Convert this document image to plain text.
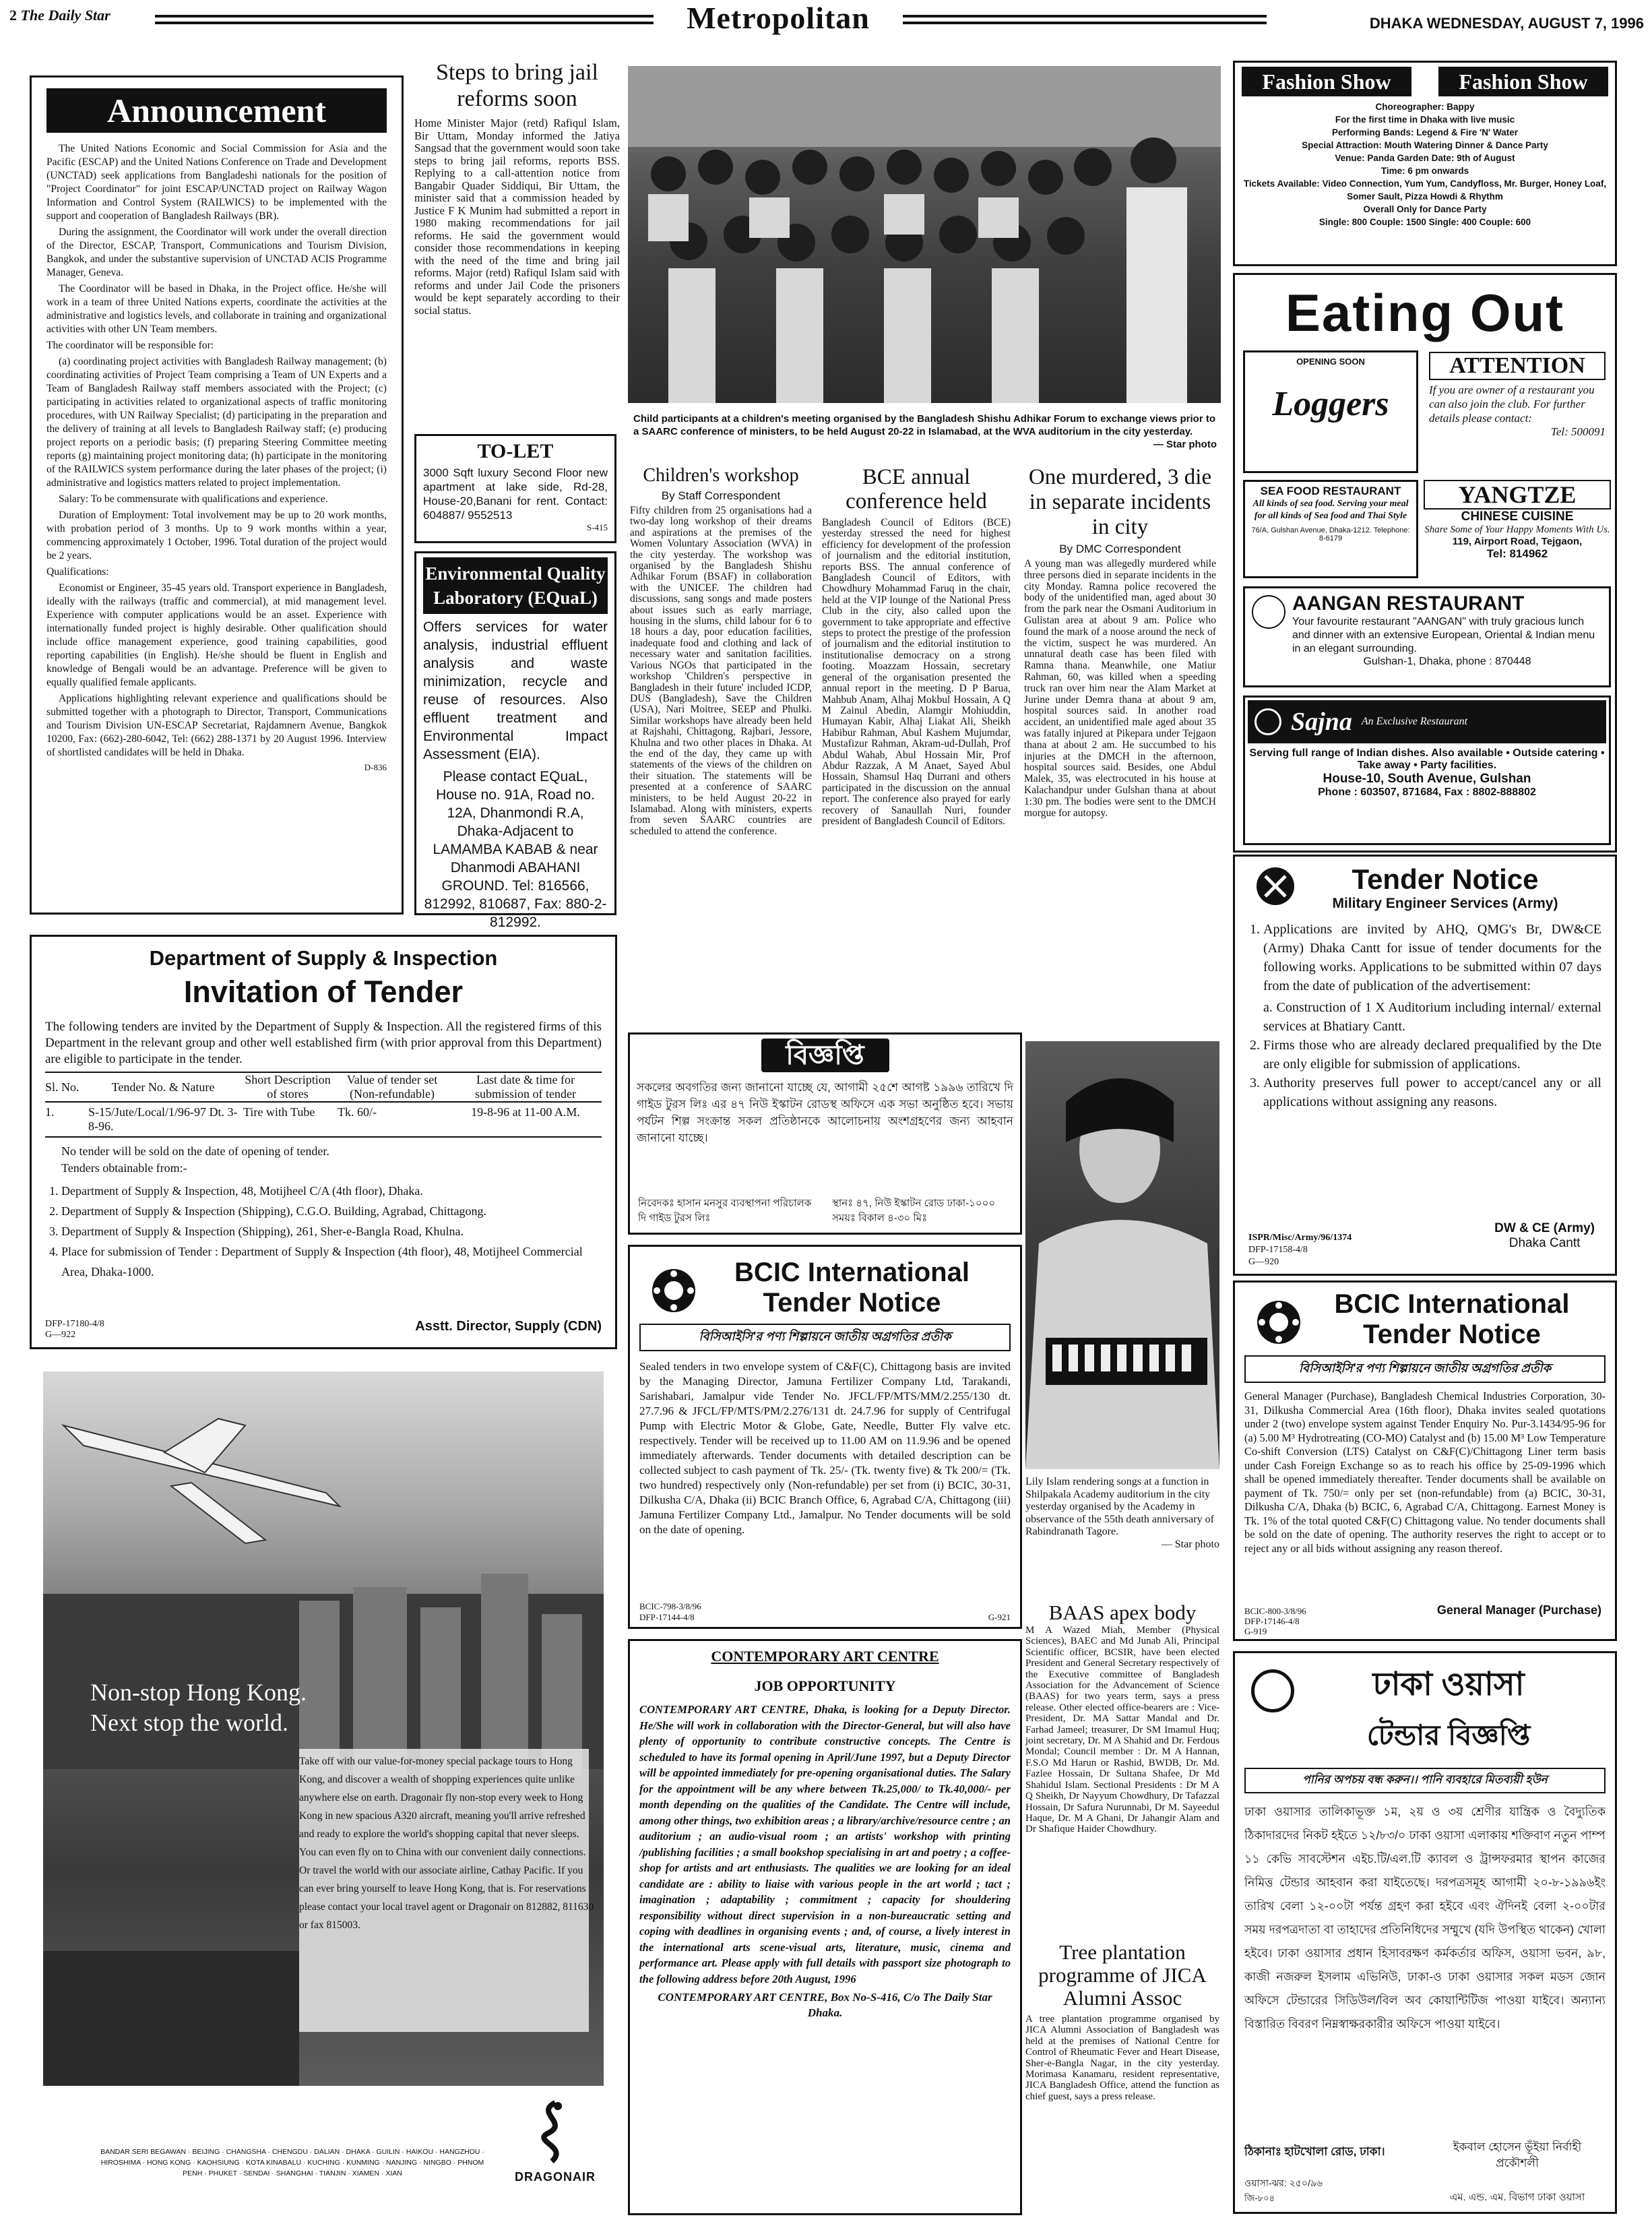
2 The Daily Star	Metropolitan	DHAKA WEDNESDAY, AUGUST 7, 1996
Announcement

The United Nations Economic and Social Commission for Asia and the Pacific (ESCAP) and the United Nations Conference on Trade and Development (UNCTAD) seek applications from Bangladeshi nationals for the position of "Project Coordinator" for joint ESCAP/UNCTAD project on Railway Wagon Information and Control System (RAILWICS) to be implemented with the support and cooperation of Bangladesh Railways (BR).

During the assignment, the Coordinator will work under the overall direction of the Director, ESCAP, Transport, Communications and Tourism Division, Bangkok, and under the substantive supervision of UNCTAD ACIS Programme Manager, Geneva.

The Coordinator will be based in Dhaka, in the Project office. He/she will work in a team of three United Nations experts, coordinate the activities at the administrative and logistics levels, and collaborate in training and organizational activities with other UN Team members.

The coordinator will be responsible for:

(a) coordinating project activities with Bangladesh Railway management; (b) coordinating activities of Project Team comprising a Team of UN Experts and a Team of Bangladesh Railway staff members associated with the Project; (c) participating in activities related to organizational aspects of traffic monitoring procedures, with UN Railway Specialist; (d) participating in the preparation and the delivery of training at all levels to Bangladesh Railway staff; (e) producing project reports on a periodic basis; (f) preparing Steering Committee meeting reports (g) maintaining project monitoring data; (h) participate in the monitoring of the RAILWICS system performance during the later phases of the project; (i) administrative and logistics matters related to project implementation.

Salary: To be commensurate with qualifications and experience.

Duration of Employment: Total involvement may be up to 20 work months, with probation period of 3 months. Up to 9 work months within a year, commencing approximately 1 October, 1996. Total duration of the project would be 2 years.

Qualifications:

Economist or Engineer, 35-45 years old. Transport experience in Bangladesh, ideally with the railways (traffic and commercial), at mid management level. Experience with computer applications would be an asset. Experience with internationally funded project is highly desirable. Other qualification should include office management experience, good training capabilities, good reporting capabilities (in English). He/she should be fluent in English and knowledge of Bengali would be an advantage. Preference will be given to equally qualified female applicants.

Applications highlighting relevant experience and qualifications should be submitted together with a photograph to Director, Transport, Communications and Tourism Division UN-ESCAP Secretariat, Rajdamnern Avenue, Bangkok 10200, Fax: (662)-280-6042, Tel: (662) 288-1371 by 20 August 1996. Interview of shortlisted candidates will be held in Dhaka.

D-836
Steps to bring jail reforms soon
Home Minister Major (retd) Rafiqul Islam, Bir Uttam, Monday informed the Jatiya Sangsad that the government would soon take steps to bring jail reforms, reports BSS. Replying to a call-attention notice from Bangabir Quader Siddiqui, Bir Uttam, the minister said that a commission headed by Justice F K Munim had submitted a report in 1980 making recommendations for jail reforms. He said the government would consider those recommendations in keeping with the need of the time and bring jail reforms. Major (retd) Rafiqul Islam said with reforms and under Jail Code the prisoners would be kept separately according to their social status.
TO-LET
3000 Sqft luxury Second Floor new apartment at lake side, Rd-28, House-20,Banani for rent. Contact: 604887/ 9552513
S-415
Environmental Quality Laboratory (EQuaL)
Offers services for water analysis, industrial effluent analysis and waste minimization, recycle and reuse of resources. Also effluent treatment and Environmental Impact Assessment (EIA).
Please contact EQuaL, House no. 91A, Road no. 12A, Dhanmondi R.A, Dhaka-Adjacent to LAMAMBA KABAB & near Dhanmodi ABAHANI GROUND. Tel: 816566, 812992, 810687, Fax: 880-2-812992.
Child participants at a children's meeting organised by the Bangladesh Shishu Adhikar Forum to exchange views prior to a SAARC conference of ministers, to be held August 20-22 in Islamabad, at the WVA auditorium in the city yesterday.
— Star photo
Children's workshop
By Staff Correspondent
Fifty children from 25 organisations had a two-day long workshop of their dreams and aspirations at the premises of the Women Voluntary Association (WVA) in the city yesterday. The workshop was organised by the Bangladesh Shishu Adhikar Forum (BSAF) in collaboration with the UNICEF. The children had discussions, sang songs and made posters about issues such as early marriage, housing in the slums, child labour for 6 to 18 hours a day, poor education facilities, inadequate food and clothing and lack of necessary water and sanitation facilities. Various NGOs that participated in the workshop 'Children's perspective in Bangladesh in their future' included ICDP, DUS (Bangladesh), Save the Children (USA), Nari Moitree, SEEP and Phulki. Similar workshops have already been held at Rajshahi, Chittagong, Rajbari, Jessore, Khulna and two other places in Dhaka. At the end of the day, they came up with statements of the views of the children on their situation. The statements will be presented at a conference of SAARC ministers, to be held August 20-22 in Islamabad. Along with ministers, experts from seven SAARC countries are scheduled to attend the conference.
BCE annual conference held
Bangladesh Council of Editors (BCE) yesterday stressed the need for highest efficiency for development of the profession of journalism and the editorial institution, reports BSS. The annual conference of Bangladesh Council of Editors, with Chowdhury Mohammad Faruq in the chair, held at the VIP lounge of the National Press Club in the city, also called upon the government to take appropriate and effective steps to protect the prestige of the profession of journalism and the editorial institution to institutionalise democracy on a strong footing. Moazzam Hossain, secretary general of the organisation presented the annual report in the meeting. D P Barua, Mahbub Anam, Alhaj Mokbul Hossain, A Q M Zainul Abedin, Alamgir Mohiuddin, Humayan Kabir, Alhaj Liakat Ali, Sheikh Habibur Rahman, Abul Kashem Mujumdar, Mustafizur Rahman, Akram-ud-Dullah, Prof Abdul Wahab, Abul Hossain Mir, Prof Abdur Razzak, A M Anaet, Sayed Abul Hossain, Shamsul Haq Durrani and others participated in the discussion on the annual report. The conference also prayed for early recovery of Sanaullah Nuri, founder president of Bangladesh Council of Editors.
One murdered, 3 die in separate incidents in city
By DMC Correspondent
A young man was allegedly murdered while three persons died in separate incidents in the city Monday. Ramna police recovered the body of the unidentified man, aged about 30 from the park near the Osmani Auditorium in Gulistan area at about 9 am. Police who found the mark of a noose around the neck of the victim, suspect he was murdered. An unnatural death case has been filed with Ramna thana. Meanwhile, one Matiur Rahman, 60, was killed when a speeding truck ran over him near the Alam Market at Jurine under Demra thana at about 9 am, hospital sources said. In another road accident, an unidentified male aged about 35 was fatally injured at Pikepara under Tejgaon thana at about 2 am. He succumbed to his injuries at the DMCH in the afternoon, hospital sources said. Besides, one Abdul Malek, 35, was electrocuted in his house at Kalachandpur under Gulshan thana at about 1:30 pm. The bodies were sent to the DMCH morgue for autopsy.
Department of Supply & Inspection
Invitation of Tender
The following tenders are invited by the Department of Supply & Inspection. All the registered firms of this Department in the relevant group and other well established firm (with prior approval from this Department) are eligible to participate in the tender.
Sl. No.	Tender No. & Nature	Short Description of stores	Value of tender set (Non-refundable)	Last date & time for submission of tender
1.	S-15/Jute/Local/1/96-97 Dt. 3-8-96.	Tire with Tube	Tk. 60/-	19-8-96 at 11-00 A.M.
No tender will be sold on the date of opening of tender.
Tenders obtainable from:-
1. Department of Supply & Inspection, 48, Motijheel C/A (4th floor), Dhaka.
2. Department of Supply & Inspection (Shipping), C.G.O. Building, Agrabad, Chittagong.
3. Department of Supply & Inspection (Shipping), 261, Sher-e-Bangla Road, Khulna.
4. Place for submission of Tender : Department of Supply & Inspection (4th floor), 48, Motijheel Commercial Area, Dhaka-1000.
DFP-17180-4/8
G—922
Asstt. Director, Supply (CDN)
Non-stop Hong Kong.
Next stop the world.
Take off with our value-for-money special package tours to Hong Kong, and discover a wealth of shopping experiences quite unlike anywhere else on earth. Dragonair fly non-stop every week to Hong Kong in new spacious A320 aircraft, meaning you'll arrive refreshed and ready to explore the world's shopping capital that never sleeps. You can even fly on to China with our convenient daily connections. Or travel the world with our associate airline, Cathay Pacific. If you can ever bring yourself to leave Hong Kong, that is. For reservations please contact your local travel agent or Dragonair on 812882, 811630 or fax 815003.
BANDAR SERI BEGAWAN · BEIJING · CHANGSHA · CHENGDU · DALIAN · DHAKA · GUILIN · HAIKOU · HANGZHOU · HIROSHIMA · HONG KONG · KAOHSIUNG · KOTA KINABALU · KUCHING · KUNMING · NANJING · NINGBO · PHNOM PENH · PHUKET · SENDAI · SHANGHAI · TIANJIN · XIAMEN · XIAN	DRAGONAIR
বিজ্ঞপ্তি
সকলের অবগতির জন্য জানানো যাচ্ছে যে, আগামী ২৫শে আগষ্ট ১৯৯৬ তারিখে দি গাইড টুরস লিঃ এর ৪৭ নিউ ইস্কাটন রোডস্থ অফিসে এক সভা অনুষ্ঠিত হবে। সভায় পর্যটন শিল্প সংক্রান্ত সকল প্রতিষ্ঠানকে আলোচনায় অংশগ্রহণের জন্য আহবান জানানো যাচ্ছে।
নিবেদকঃ হাসান মনসুর ব্যবস্থাপনা পরিচালক দি গাইড টুরস লিঃ
স্থানঃ ৪৭, নিউ ইস্কাটন রোড ঢাকা-১০০০ সময়ঃ বিকাল ৪-৩০ মিঃ
BCIC International
Tender Notice
বিসিআইসি'র পণ্য শিল্পায়নে জাতীয় অগ্রগতির প্রতীক
Sealed tenders in two envelope system of C&F(C), Chittagong basis are invited by the Managing Director, Jamuna Fertilizer Company Ltd, Tarakandi, Sarishabari, Jamalpur vide Tender No. JFCL/FP/MTS/MM/2.255/130 dt. 27.7.96 & JFCL/FP/MTS/PM/2.276/131 dt. 24.7.96 for supply of Centrifugal Pump with Electric Motor & Globe, Gate, Needle, Butter Fly valve etc. respectively. Tender will be received up to 11.00 AM on 11.9.96 and be opened immediately afterwards. Tender documents with detailed description can be collected subject to cash payment of Tk. 25/- (Tk. twenty five) & Tk 200/= (Tk. two hundred) respectively only (Non-refundable) per set from (i) BCIC, 30-31, Dilkusha C/A, Dhaka (ii) BCIC Branch Office, 6, Agrabad C/A, Chittagong (iii) Jamuna Fertilizer Company Ltd., Jamalpur. No Tender documents will be sold on the date of opening.
BCIC-798-3/8/96
DFP-17144-4/8	G-921
CONTEMPORARY ART CENTRE
JOB OPPORTUNITY
CONTEMPORARY ART CENTRE, Dhaka, is looking for a Deputy Director. He/She will work in collaboration with the Director-General, but will also have plenty of opportunity to contribute constructive concepts. The Centre is scheduled to have its formal opening in April/June 1997, but a Deputy Director will be appointed immediately for pre-opening organisational duties. The Salary for the appointment will be any where between Tk.25,000/ to Tk.40,000/- per month depending on the qualities of the Candidate. The Centre will include, among other things, two exhibition areas ; a library/archive/resource centre ; an auditorium ; an audio-visual room ; an artists' workshop with printing /publishing facilities ; a small bookshop specialising in art and poetry ; a coffee-shop for artists and art enthusiasts. The qualities we are looking for an ideal candidate are : ability to liaise with various people in the art world ; tact ; imagination ; adaptability ; commitment ; capacity for shouldering responsibility without direct supervision in a non-bureaucratic setting and coping with deadlines in organising events ; and, of course, a lively interest in the international arts scene-visual arts, literature, music, cinema and performance art. Please apply with full details with passport size photograph to the following address before 20th August, 1996
CONTEMPORARY ART CENTRE, Box No-S-416, C/o The Daily Star Dhaka.
Lily Islam rendering songs at a function in Shilpakala Academy auditorium in the city yesterday organised by the Academy in observance of the 55th death anniversary of Rabindranath Tagore.
— Star photo
BAAS apex body
M A Wazed Miah, Member (Physical Sciences), BAEC and Md Junab Ali, Principal Scientific officer, BCSIR, have been elected President and General Secretary respectively of the Executive committee of Bangladesh Association for the Advancement of Science (BAAS) for two years term, says a press release. Other elected office-bearers are : Vice-President, Dr. MA Sattar Mandal and Dr. Farhad Jameel; treasurer, Dr SM Imamul Huq; joint secretary, Dr. M A Shahid and Dr. Ferdous Mondal; Council member : Dr. M A Hannan, F.S.O Md Harun or Rashid, BWDB, Dr. Md. Fazlee Hossain, Dr Sultana Shafee, Dr Md Shahidul Islam. Sectional Presidents : Dr M A Q Sheikh, Dr Nayyum Chowdhury, Dr Tafazzal Hossain, Dr Safura Nurunnabi, Dr M. Sayeedul Haque, Dr. M A Ghani, Dr Jahangir Alam and Dr Shafique Haider Chowdhury.
Tree plantation programme of JICA Alumni Assoc
A tree plantation programme organised by JICA Alumni Association of Bangladesh was held at the premises of National Centre for Control of Rheumatic Fever and Heart Disease, Sher-e-Bangla Nagar, in the city yesterday. Morimasa Kanamaru, resident representative, JICA Bangladesh Office, attend the function as chief guest, says a press release.
Fashion Show	Fashion Show
Choreographer: Bappy
For the first time in Dhaka with live music
Performing Bands: Legend & Fire 'N' Water
Special Attraction: Mouth Watering Dinner & Dance Party
Venue: Panda Garden Date: 9th of August
Time: 6 pm onwards
Tickets Available: Video Connection, Yum Yum, Candyfloss, Mr. Burger, Honey Loaf, Somer Sault, Pizza Howdi & Rhythm
Overall Only for Dance Party
Single: 800 Couple: 1500 Single: 400 Couple: 600
Eating Out
OPENING SOON
Loggers
ATTENTION
If you are owner of a restaurant you can also join the club. For further details please contact:
Tel: 500091
SEA FOOD RESTAURANT
All kinds of sea food. Serving your meal for all kinds of Sea food and Thai Style
76/A, Gulshan Avenue, Dhaka-1212. Telephone: 8-6179
YANGTZE
CHINESE CUISINE
Share Some of Your Happy Moments With Us.
119, Airport Road, Tejgaon,
Tel: 814962
AANGAN RESTAURANT
Your favourite restaurant "AANGAN" with truly gracious lunch and dinner with an extensive European, Oriental & Indian menu in an elegant surrounding.
Gulshan-1, Dhaka, phone : 870448
Sajna An Exclusive Restaurant
Serving full range of Indian dishes. Also available • Outside catering • Take away • Party facilities.
House-10, South Avenue, Gulshan
Phone : 603507, 871684, Fax : 8802-888802
Tender Notice
Military Engineer Services (Army)
1. Applications are invited by AHQ, QMG's Br, DW&CE (Army) Dhaka Cantt for issue of tender documents for the following works. Applications to be submitted within 07 days from the date of publication of the advertisement:
a. Construction of 1 X Auditorium including internal/ external services at Bhatiary Cantt.
2. Firms those who are already declared prequalified by the Dte are only eligible for submission of applications.
3. Authority preserves full power to accept/cancel any or all applications without assigning any reasons.
ISPR/Misc/Army/96/1374
DFP-17158-4/8
G—920
DW & CE (Army)
Dhaka Cantt
BCIC International
Tender Notice
বিসিআইসি'র পণ্য শিল্পায়নে জাতীয় অগ্রগতির প্রতীক
General Manager (Purchase), Bangladesh Chemical Industries Corporation, 30-31, Dilkusha Commercial Area (16th floor), Dhaka invites sealed quotations under 2 (two) envelope system against Tender Enquiry No. Pur-3.1434/95-96 for (a) 5.00 M³ Hydrotreating (CO-MO) Catalyst and (b) 15.00 M³ Low Temperature Co-shift Conversion (LTS) Catalyst on C&F(C)/Chittagong Liner term basis under Cash Foreign Exchange so as to reach his office by 25-09-1996 which shall be opened immediately thereafter. Tender documents shall be available on payment of Tk. 750/= only per set (non-refundable) from (a) BCIC, 30-31, Dilkusha C/A, Dhaka (b) BCIC, 6, Agrabad C/A, Chittagong. Earnest Money is Tk. 1% of the total quoted C&F(C) Chittagong value. No tender documents shall be sold on the date of opening. The authority reserves the right to accept or to reject any or all bids without assigning any reason thereof.
BCIC-800-3/8/96
DFP-17146-4/8
G-919
General Manager (Purchase)
ঢাকা ওয়াসা
টেন্ডার বিজ্ঞপ্তি
পানির অপচয় বন্ধ করুন।। পানি ব্যবহারে মিতব্যয়ী হউন
ঢাকা ওয়াসার তালিকাভূক্ত ১ম, ২য় ও ৩য় শ্রেণীর যান্ত্রিক ও বৈদ্যুতিক ঠিকাদারদের নিকট হইতে ১২/৮৩/০ ঢাকা ওয়াসা এলাকায় শক্তিবাণ নতুন পাম্প ১১ কেভি সাবস্টেশন এইচ.টি/এল.টি ক্যাবল ও ট্রান্সফরমার স্থাপন কাজের নিমিত্ত টেন্ডার আহবান করা যাইতেছে। দরপত্রসমূহ আগামী ২০-৮-১৯৯৬ইং তারিখ বেলা ১২-০০টা পর্যন্ত গ্রহণ করা হইবে এবং ঐদিনই বেলা ২-০০টার সময় দরপত্রদাতা বা তাহাদের প্রতিনিধিদের সম্মুখে (যদি উপস্থিত থাকেন) খোলা হইবে। ঢাকা ওয়াসার প্রধান হিসাবরক্ষণ কর্মকর্তার অফিস, ওয়াসা ভবন, ৯৮, কাজী নজরুল ইসলাম এভিনিউ, ঢাকা-ও ঢাকা ওয়াসার সকল মডস জোন অফিসে টেন্ডারের সিডিউল/বিল অব কোয়ান্টিটিজ পাওয়া যাইবে। অন্যান্য বিস্তারিত বিবরণ নিম্নস্বাক্ষরকারীর অফিসে পাওয়া যাইবে।
ঠিকানাঃ হাটখোলা রোড, ঢাকা।
ওয়াসা-ঝর: ২৫০/৯৬
জি-৮০৪
ইকবাল হোসেন ভূঁইয়া নির্বাহী প্রকৌশলী
এম. এন্ড. এম. বিভাগ ঢাকা ওয়াসা
